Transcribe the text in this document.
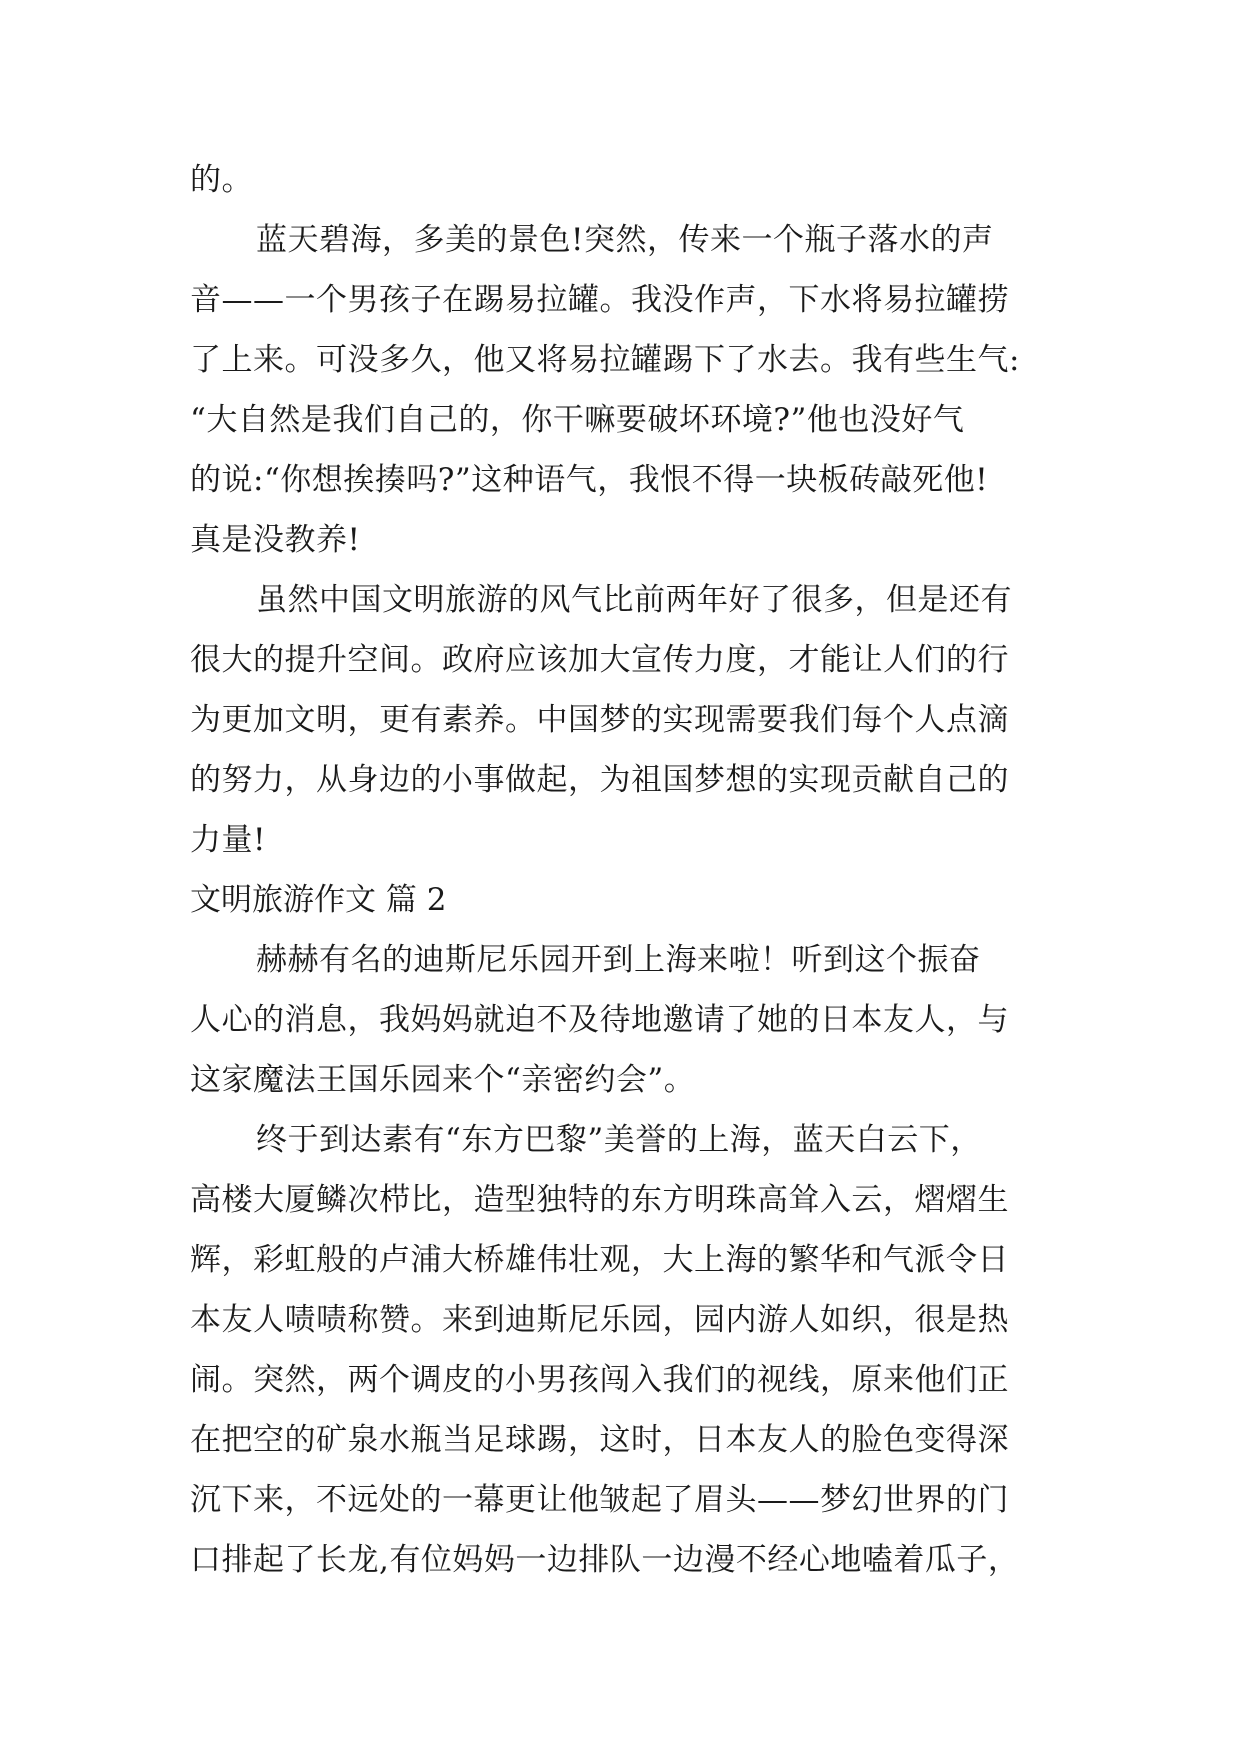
的。
蓝天碧海，多美的景色!突然，传来一个瓶子落水的声
音——一个男孩子在踢易拉罐。我没作声，下水将易拉罐捞
了上来。可没多久，他又将易拉罐踢下了水去。我有些生气:
“大自然是我们自己的，你干嘛要破坏环境?”他也没好气
的说:“你想挨揍吗?”这种语气，我恨不得一块板砖敲死他!
真是没教养!
虽然中国文明旅游的风气比前两年好了很多，但是还有
很大的提升空间。政府应该加大宣传力度，才能让人们的行
为更加文明，更有素养。中国梦的实现需要我们每个人点滴
的努力，从身边的小事做起，为祖国梦想的实现贡献自己的
力量!
文明旅游作文 篇 2
赫赫有名的迪斯尼乐园开到上海来啦！听到这个振奋
人心的消息，我妈妈就迫不及待地邀请了她的日本友人，与
这家魔法王国乐园来个“亲密约会”。
终于到达素有“东方巴黎”美誉的上海，蓝天白云下，
高楼大厦鳞次栉比，造型独特的东方明珠高耸入云，熠熠生
辉，彩虹般的卢浦大桥雄伟壮观，大上海的繁华和气派令日
本友人啧啧称赞。来到迪斯尼乐园，园内游人如织，很是热
闹。突然，两个调皮的小男孩闯入我们的视线，原来他们正
在把空的矿泉水瓶当足球踢，这时，日本友人的脸色变得深
沉下来，不远处的一幕更让他皱起了眉头——梦幻世界的门
口排起了长龙,有位妈妈一边排队一边漫不经心地嗑着瓜子，
